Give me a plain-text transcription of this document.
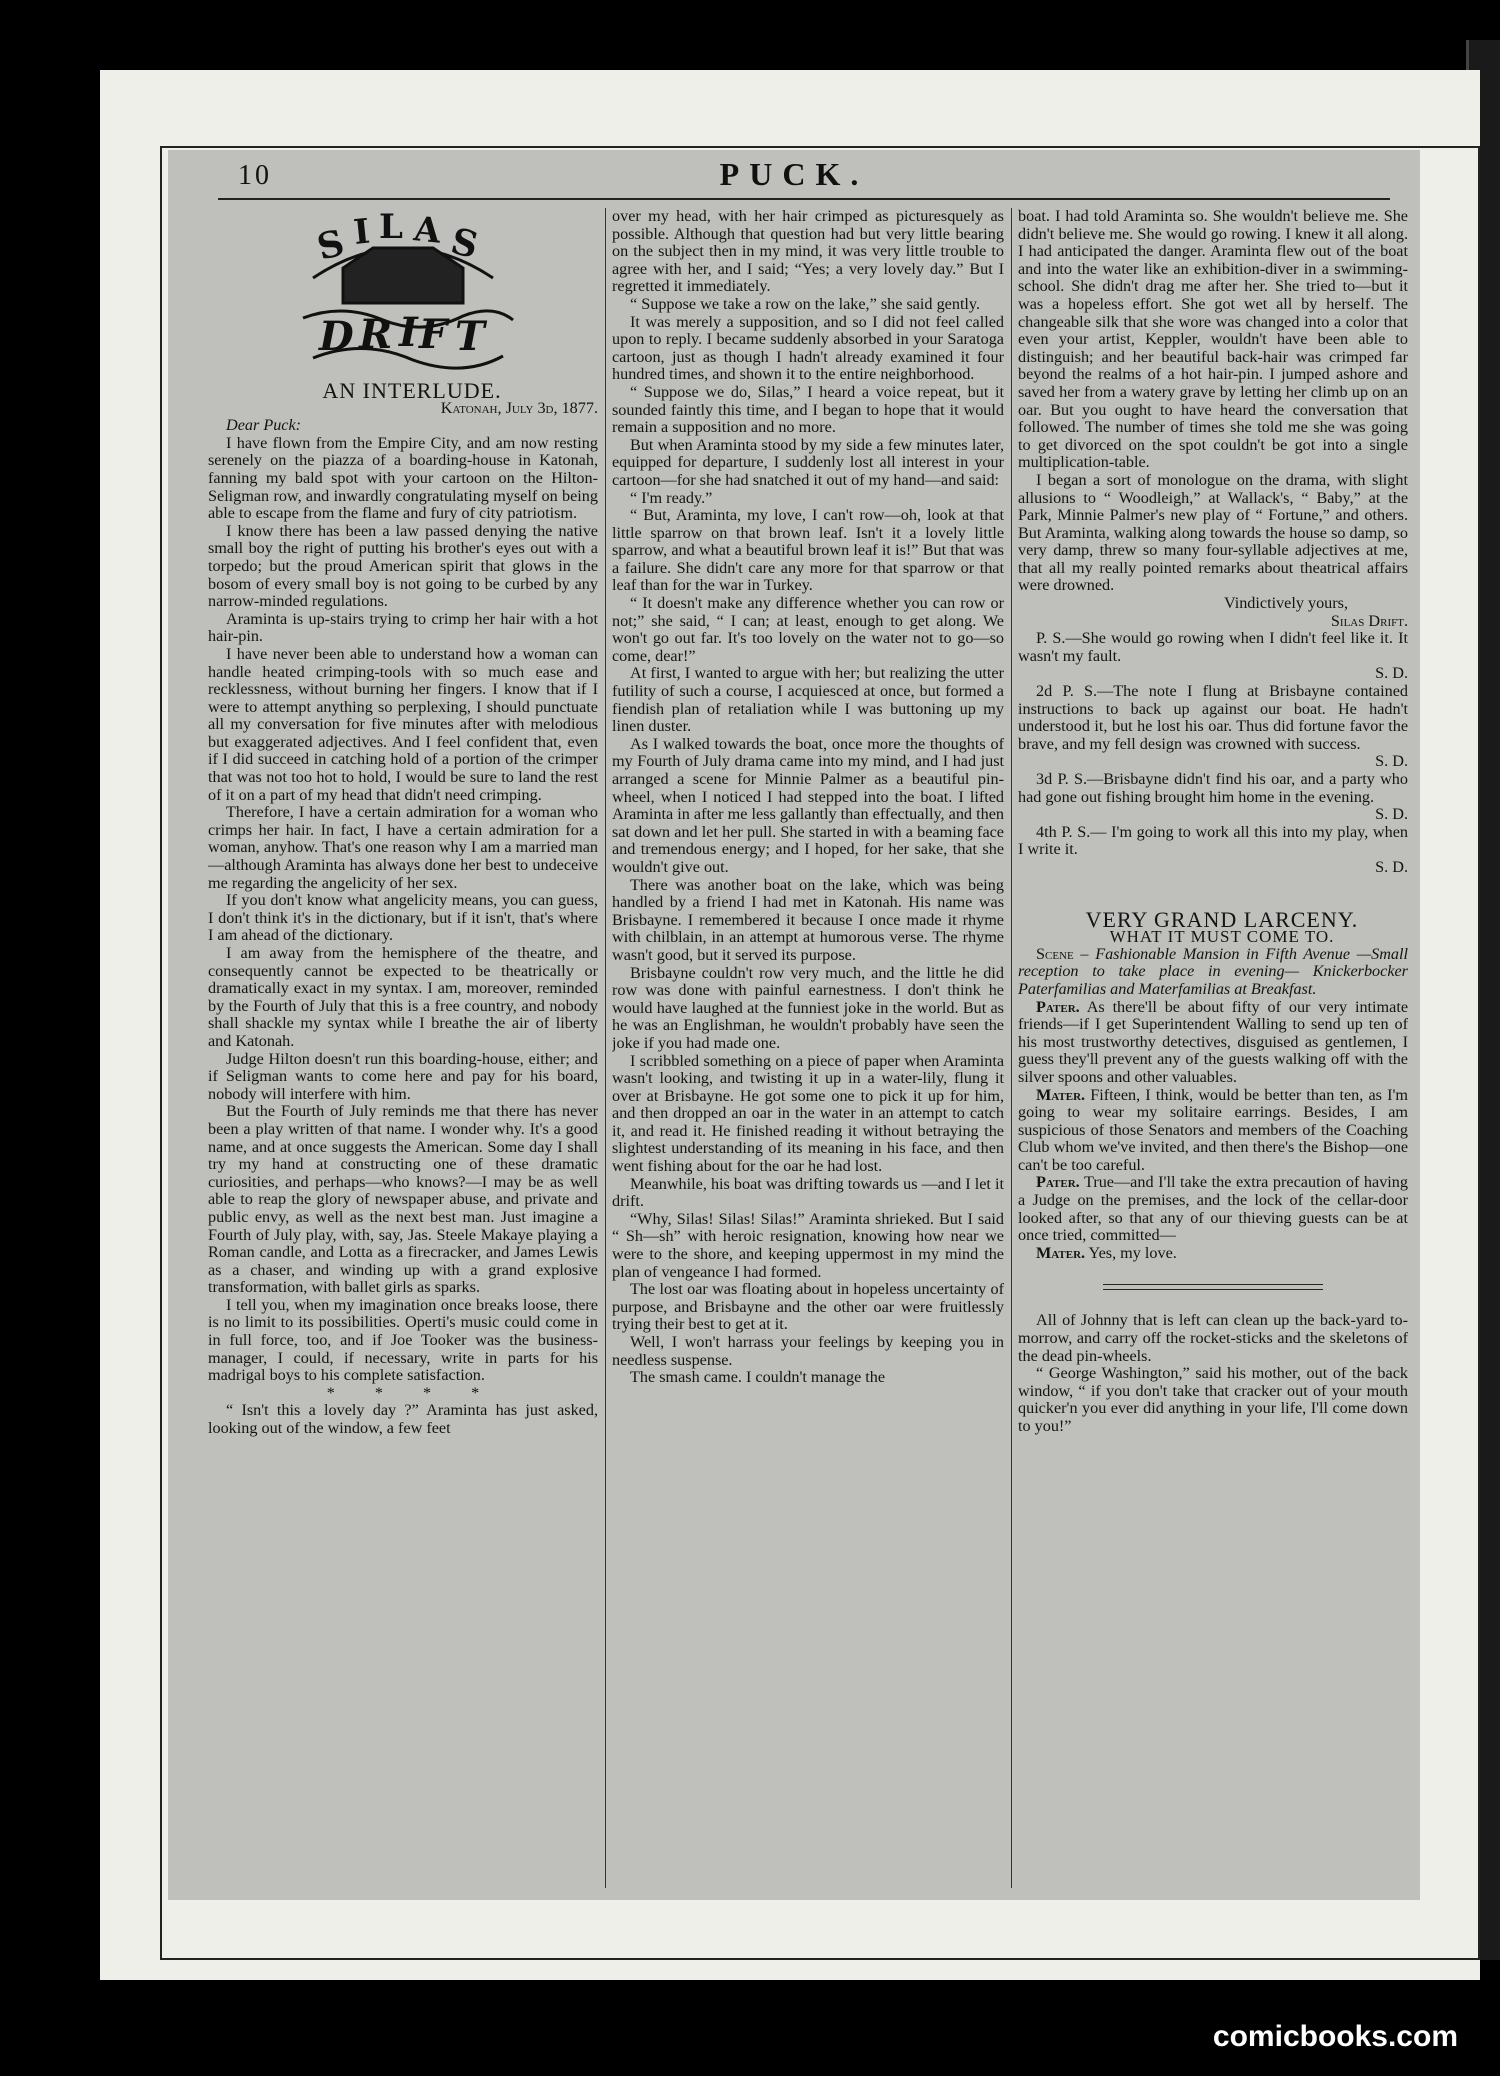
10	PUCK.
S I L A S
D R I F T

AN INTERLUDE.

Katonah, July 3d, 1877.

Dear Puck:

I have flown from the Empire City, and am now resting serenely on the piazza of a boarding-house in Katonah, fanning my bald spot with your cartoon on the Hilton-Seligman row, and inwardly congratulating myself on being able to escape from the flame and fury of city patriotism.

I know there has been a law passed denying the native small boy the right of putting his brother's eyes out with a torpedo; but the proud American spirit that glows in the bosom of every small boy is not going to be curbed by any narrow-minded regulations.

Araminta is up-stairs trying to crimp her hair with a hot hair-pin.

I have never been able to understand how a woman can handle heated crimping-tools with so much ease and recklessness, without burning her fingers. I know that if I were to attempt anything so perplexing, I should punctuate all my conversation for five minutes after with melodious but exaggerated adjectives. And I feel confident that, even if I did succeed in catching hold of a portion of the crimper that was not too hot to hold, I would be sure to land the rest of it on a part of my head that didn't need crimping.

Therefore, I have a certain admiration for a woman who crimps her hair. In fact, I have a certain admiration for a woman, anyhow. That's one reason why I am a married man—although Araminta has always done her best to undeceive me regarding the angelicity of her sex.

If you don't know what angelicity means, you can guess, I don't think it's in the dictionary, but if it isn't, that's where I am ahead of the dictionary.

I am away from the hemisphere of the theatre, and consequently cannot be expected to be theatrically or dramatically exact in my syntax. I am, moreover, reminded by the Fourth of July that this is a free country, and nobody shall shackle my syntax while I breathe the air of liberty and Katonah.

Judge Hilton doesn't run this boarding-house, either; and if Seligman wants to come here and pay for his board, nobody will interfere with him.

But the Fourth of July reminds me that there has never been a play written of that name. I wonder why. It's a good name, and at once suggests the American. Some day I shall try my hand at constructing one of these dramatic curiosities, and perhaps—who knows?—I may be as well able to reap the glory of newspaper abuse, and private and public envy, as well as the next best man. Just imagine a Fourth of July play, with, say, Jas. Steele Makaye playing a Roman candle, and Lotta as a firecracker, and James Lewis as a chaser, and winding up with a grand explosive transformation, with ballet girls as sparks.

I tell you, when my imagination once breaks loose, there is no limit to its possibilities. Operti's music could come in in full force, too, and if Joe Tooker was the business-manager, I could, if necessary, write in parts for his madrigal boys to his complete satisfaction.

* * * *

“ Isn't this a lovely day ?” Araminta has just asked, looking out of the window, a few feet

over my head, with her hair crimped as picturesquely as possible. Although that question had but very little bearing on the subject then in my mind, it was very little trouble to agree with her, and I said; “Yes; a very lovely day.” But I regretted it immediately.

“ Suppose we take a row on the lake,” she said gently.

It was merely a supposition, and so I did not feel called upon to reply. I became suddenly absorbed in your Saratoga cartoon, just as though I hadn't already examined it four hundred times, and shown it to the entire neighborhood.

“ Suppose we do, Silas,” I heard a voice repeat, but it sounded faintly this time, and I began to hope that it would remain a supposition and no more.

But when Araminta stood by my side a few minutes later, equipped for departure, I suddenly lost all interest in your cartoon—for she had snatched it out of my hand—and said:

“ I'm ready.”

“ But, Araminta, my love, I can't row—oh, look at that little sparrow on that brown leaf. Isn't it a lovely little sparrow, and what a beautiful brown leaf it is!” But that was a failure. She didn't care any more for that sparrow or that leaf than for the war in Turkey.

“ It doesn't make any difference whether you can row or not;” she said, “ I can; at least, enough to get along. We won't go out far. It's too lovely on the water not to go—so come, dear!”

At first, I wanted to argue with her; but realizing the utter futility of such a course, I acquiesced at once, but formed a fiendish plan of retaliation while I was buttoning up my linen duster.

As I walked towards the boat, once more the thoughts of my Fourth of July drama came into my mind, and I had just arranged a scene for Minnie Palmer as a beautiful pin-wheel, when I noticed I had stepped into the boat. I lifted Araminta in after me less gallantly than effectually, and then sat down and let her pull. She started in with a beaming face and tremendous energy; and I hoped, for her sake, that she wouldn't give out.

There was another boat on the lake, which was being handled by a friend I had met in Katonah. His name was Brisbayne. I remembered it because I once made it rhyme with chilblain, in an attempt at humorous verse. The rhyme wasn't good, but it served its purpose.

Brisbayne couldn't row very much, and the little he did row was done with painful earnestness. I don't think he would have laughed at the funniest joke in the world. But as he was an Englishman, he wouldn't probably have seen the joke if you had made one.

I scribbled something on a piece of paper when Araminta wasn't looking, and twisting it up in a water-lily, flung it over at Brisbayne. He got some one to pick it up for him, and then dropped an oar in the water in an attempt to catch it, and read it. He finished reading it without betraying the slightest understanding of its meaning in his face, and then went fishing about for the oar he had lost.

Meanwhile, his boat was drifting towards us —and I let it drift.

“Why, Silas! Silas! Silas!” Araminta shrieked. But I said “ Sh—sh” with heroic resignation, knowing how near we were to the shore, and keeping uppermost in my mind the plan of vengeance I had formed.

The lost oar was floating about in hopeless uncertainty of purpose, and Brisbayne and the other oar were fruitlessly trying their best to get at it.

Well, I won't harrass your feelings by keeping you in needless suspense.

The smash came. I couldn't manage the

boat. I had told Araminta so. She wouldn't believe me. She didn't believe me. She would go rowing. I knew it all along. I had anticipated the danger. Araminta flew out of the boat and into the water like an exhibition-diver in a swimming-school. She didn't drag me after her. She tried to—but it was a hopeless effort. She got wet all by herself. The changeable silk that she wore was changed into a color that even your artist, Keppler, wouldn't have been able to distinguish; and her beautiful back-hair was crimped far beyond the realms of a hot hair-pin. I jumped ashore and saved her from a watery grave by letting her climb up on an oar. But you ought to have heard the conversation that followed. The number of times she told me she was going to get divorced on the spot couldn't be got into a single multiplication-table.

I began a sort of monologue on the drama, with slight allusions to “ Woodleigh,” at Wallack's, “ Baby,” at the Park, Minnie Palmer's new play of “ Fortune,” and others. But Araminta, walking along towards the house so damp, so very damp, threw so many four-syllable adjectives at me, that all my really pointed remarks about theatrical affairs were drowned.

Vindictively yours,

Silas Drift.

P. S.—She would go rowing when I didn't feel like it. It wasn't my fault.

S. D.

2d P. S.—The note I flung at Brisbayne contained instructions to back up against our boat. He hadn't understood it, but he lost his oar. Thus did fortune favor the brave, and my fell design was crowned with success.

S. D.

3d P. S.—Brisbayne didn't find his oar, and a party who had gone out fishing brought him home in the evening.

S. D.

4th P. S.— I'm going to work all this into my play, when I write it.

S. D.

VERY GRAND LARCENY.

WHAT IT MUST COME TO.

Scene – Fashionable Mansion in Fifth Avenue —Small reception to take place in evening— Knickerbocker Paterfamilias and Materfamilias at Breakfast.

Pater. As there'll be about fifty of our very intimate friends—if I get Superintendent Walling to send up ten of his most trustworthy detectives, disguised as gentlemen, I guess they'll prevent any of the guests walking off with the silver spoons and other valuables.

Mater. Fifteen, I think, would be better than ten, as I'm going to wear my solitaire earrings. Besides, I am suspicious of those Senators and members of the Coaching Club whom we've invited, and then there's the Bishop—one can't be too careful.

Pater. True—and I'll take the extra precaution of having a Judge on the premises, and the lock of the cellar-door looked after, so that any of our thieving guests can be at once tried, committed—

Mater. Yes, my love.

All of Johnny that is left can clean up the back-yard to-morrow, and carry off the rocket-sticks and the skeletons of the dead pin-wheels.

“ George Washington,” said his mother, out of the back window, “ if you don't take that cracker out of your mouth quicker'n you ever did anything in your life, I'll come down to you!”

comicbooks.com
